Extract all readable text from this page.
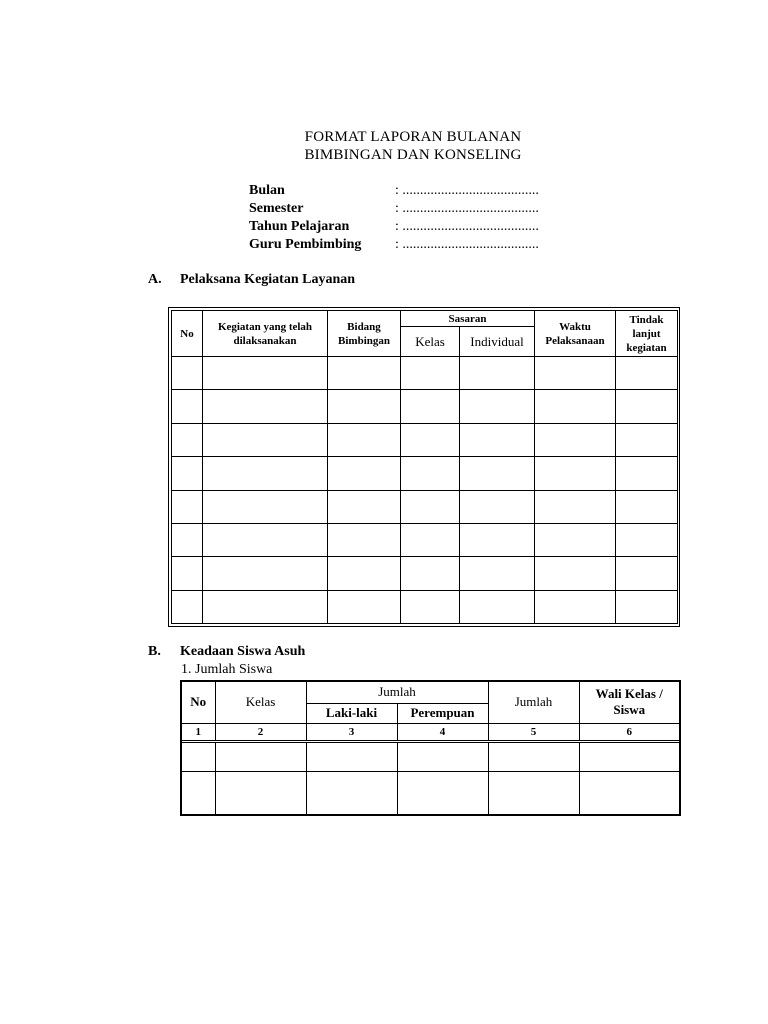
FORMAT LAPORAN BULANAN
BIMBINGAN DAN KONSELING
Bulan	: .......................................
Semester	: .......................................
Tahun Pelajaran	: .......................................
Guru Pembimbing : .......................................
A. Pelaksana Kegiatan Layanan
No	Kegiatan yang telah dilaksanakan	Bidang Bimbingan	Sasaran		Waktu Pelaksanaan	Tindak lanjut kegiatan
			Kelas	Individual		

B. Keadaan Siswa Asuh
1. Jumlah Siswa
No	Kelas	Jumlah		Jumlah	Wali Kelas / Siswa
		Laki-laki	Perempuan		
1	2	3	4	5	6
